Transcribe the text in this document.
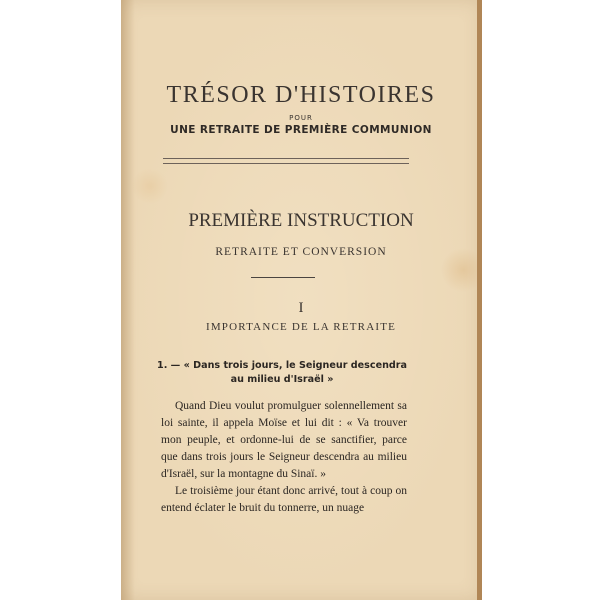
TRÉSOR D'HISTOIRES
POUR
UNE RETRAITE DE PREMIÈRE COMMUNION
PREMIÈRE INSTRUCTION
RETRAITE ET CONVERSION
I
IMPORTANCE DE LA RETRAITE
1. — « Dans trois jours, le Seigneur descendra au milieu d'Israël »

Quand Dieu voulut promulguer solennellement sa loi sainte, il appela Moïse et lui dit : « Va trouver mon peuple, et ordonne-lui de se sanctifier, parce que dans trois jours le Seigneur descendra au milieu d'Israël, sur la montagne du Sinaï. »

Le troisième jour étant donc arrivé, tout à coup on entend éclater le bruit du tonnerre, un nuage
